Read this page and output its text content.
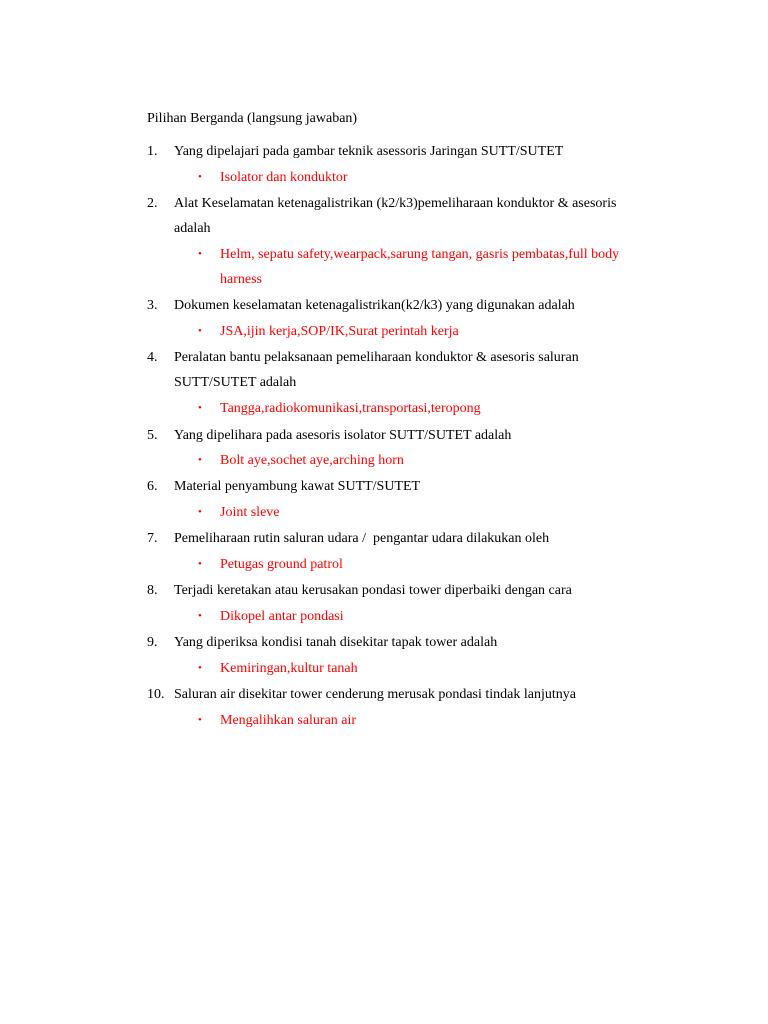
Pilihan Berganda (langsung jawaban)
1. Yang dipelajari pada gambar teknik asessoris Jaringan SUTT/SUTET
• Isolator dan konduktor
2. Alat Keselamatan ketenagalistrikan (k2/k3)pemeliharaan konduktor & asesoris adalah
• Helm, sepatu safety,wearpack,sarung tangan, gasris pembatas,full body harness
3. Dokumen keselamatan ketenagalistrikan(k2/k3) yang digunakan adalah
• JSA,ijin kerja,SOP/IK,Surat perintah kerja
4. Peralatan bantu pelaksanaan pemeliharaan konduktor & asesoris saluran SUTT/SUTET adalah
• Tangga,radiokomunikasi,transportasi,teropong
5. Yang dipelihara pada asesoris isolator SUTT/SUTET adalah
• Bolt aye,sochet aye,arching horn
6. Material penyambung kawat SUTT/SUTET
• Joint sleve
7. Pemeliharaan rutin saluran udara /  pengantar udara dilakukan oleh
• Petugas ground patrol
8. Terjadi keretakan atau kerusakan pondasi tower diperbaiki dengan cara
• Dikopel antar pondasi
9. Yang diperiksa kondisi tanah disekitar tapak tower adalah
• Kemiringan,kultur tanah
10. Saluran air disekitar tower cenderung merusak pondasi tindak lanjutnya
• Mengalihkan saluran air
